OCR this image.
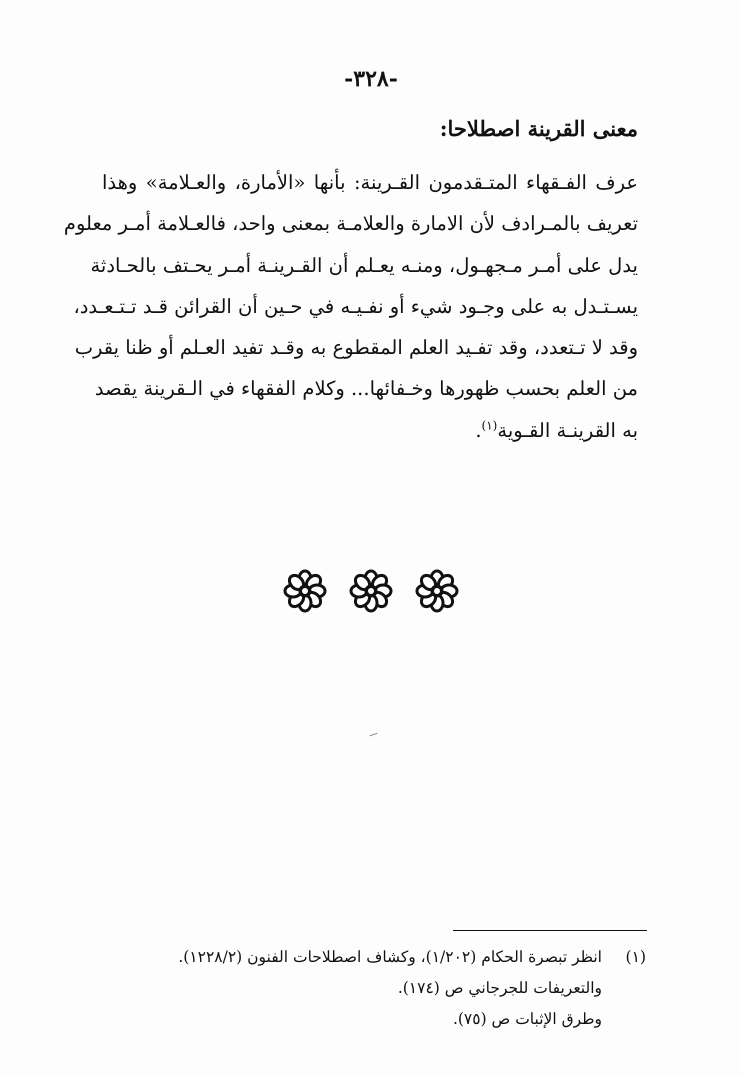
-٣٢٨-
معنى القرينة اصطلاحا:
عرف الفـقهاء المتـقدمون القـرينة: بأنها «الأمارة، والعـلامة» وهذا
تعريف بالمـرادف لأن الامارة والعلامـة بمعنى واحد، فالعـلامة أمـر معلوم
يدل على أمـر مـجهـول، ومنـه يعـلم أن القـرينـة أمـر يحـتف بالحـادثة
يسـتـدل به على وجـود شيء أو نفـيـه في حـين أن القرائن قـد تـتـعـدد،
وقد لا تـتعدد، وقد تفـيد العلم المقطوع به وقـد تفيد العـلم أو ظنا يقرب
من العلم بحسب ظهورها وخـفائها... وكلام الفقهاء في الـقرينة يقصد
به القرينـة القـوية$^{(١)}$.
(١)انظر تبصرة الحكام (١/٢٠٢)، وكشاف اصطلاحات الفنون (١٢٢٨/٢).
والتعريفات للجرجاني ص (١٧٤).
وطرق الإثبات ص (٧٥).
